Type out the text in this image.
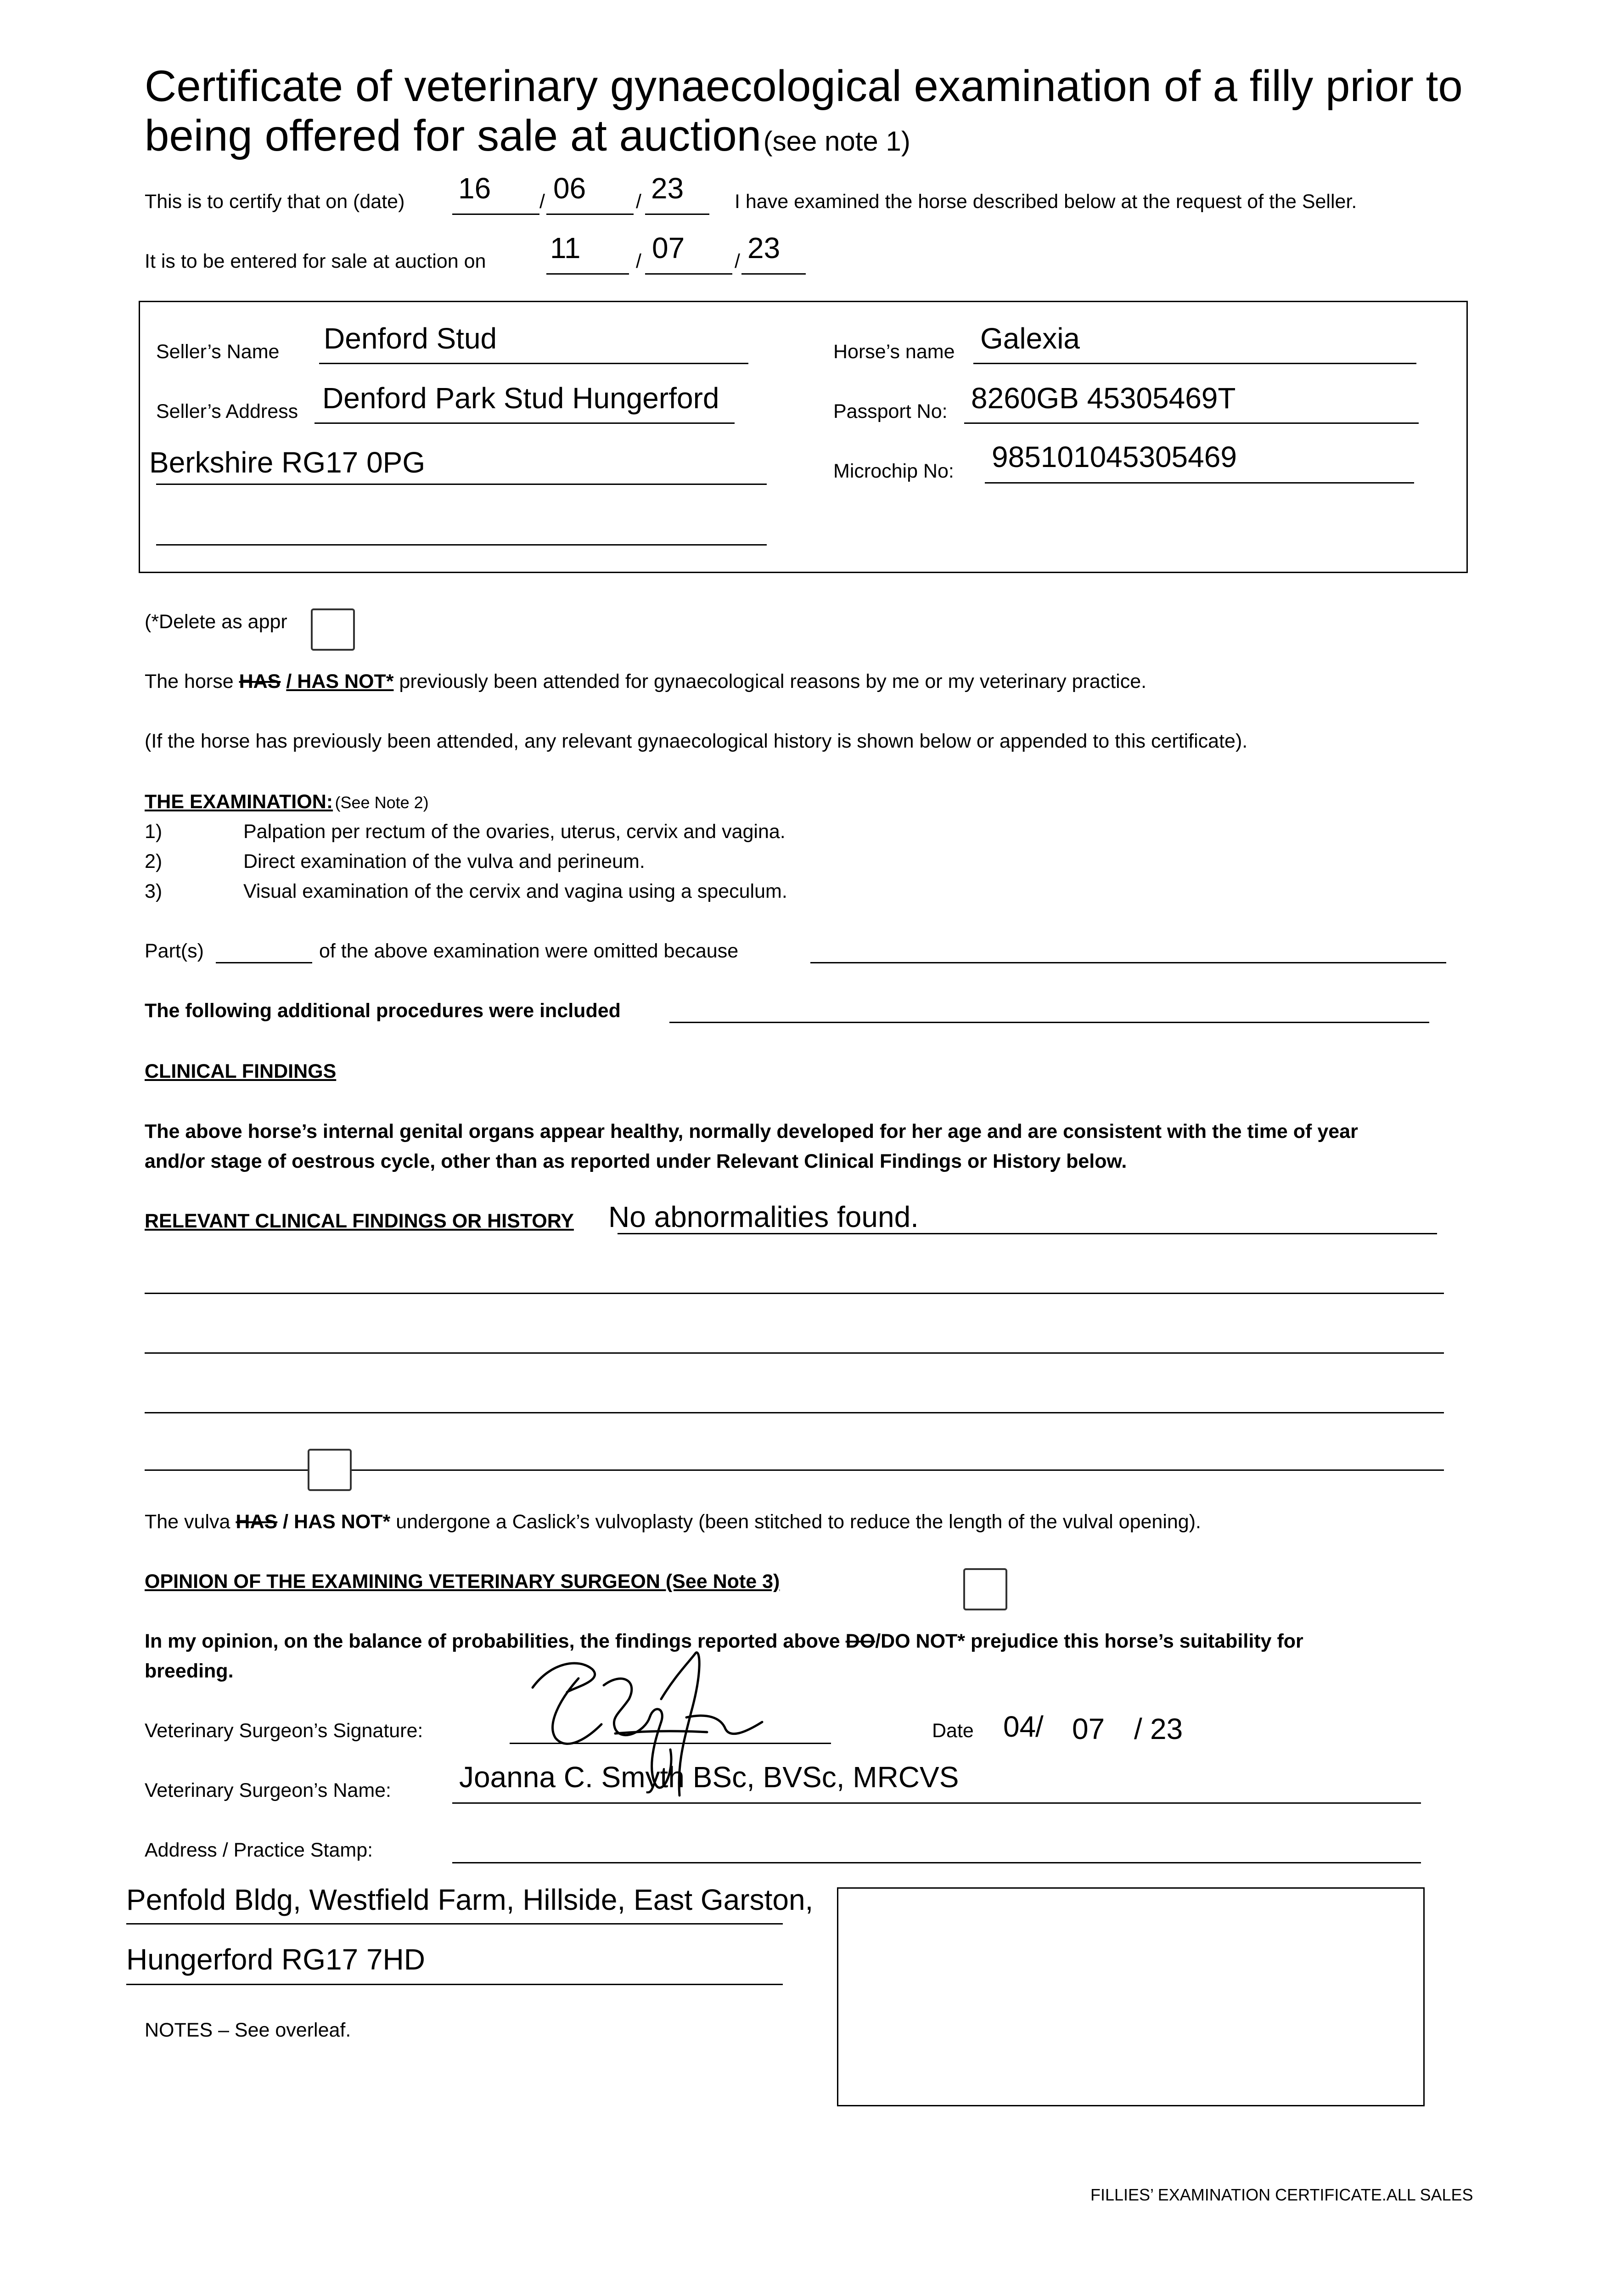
Certificate of veterinary gynaecological examination of a filly prior to
being offered for sale at auction (see note 1)
This is to certify that on (date)	/	/
16 06 23	I have examined the horse described below at the request of the Seller.
It is to be entered for sale at auction on	/	/
11 07 23
Seller’s Name Denford Stud
Seller’s Address Denford Park Stud Hungerford
Berkshire RG17 0PG
Horse’s name Galexia
Passport No: 8260GB 45305469T
Microchip No: 985101045305469
(*Delete as appr
The horse HAS / HAS NOT* previously been attended for gynaecological reasons by me or my veterinary practice.
(If the horse has previously been attended, any relevant gynaecological history is shown below or appended to this certificate).
THE EXAMINATION: (See Note 2)
1)	Palpation per rectum of the ovaries, uterus, cervix and vagina.
2)	Direct examination of the vulva and perineum.
3)	Visual examination of the cervix and vagina using a speculum.
Part(s)	of the above examination were omitted because
The following additional procedures were included
CLINICAL FINDINGS
The above horse’s internal genital organs appear healthy, normally developed for her age and are consistent with the time of year
and/or stage of oestrous cycle, other than as reported under Relevant Clinical Findings or History below.
RELEVANT CLINICAL FINDINGS OR HISTORY No abnormalities found.
The vulva HAS / HAS NOT* undergone a Caslick’s vulvoplasty (been stitched to reduce the length of the vulval opening).
OPINION OF THE EXAMINING VETERINARY SURGEON (See Note 3)
In my opinion, on the balance of probabilities, the findings reported above DO/DO NOT* prejudice this horse’s suitability for
breeding.
Veterinary Surgeon’s Signature:	Date 04
/ 07 / 23
Veterinary Surgeon’s Name: Joanna C. Smyth BSc, BVSc, MRCVS
Address / Practice Stamp:
Penfold Bldg, Westfield Farm, Hillside, East Garston,
Hungerford RG17 7HD
NOTES – See overleaf.
FILLIES’ EXAMINATION CERTIFICATE.ALL SALES
